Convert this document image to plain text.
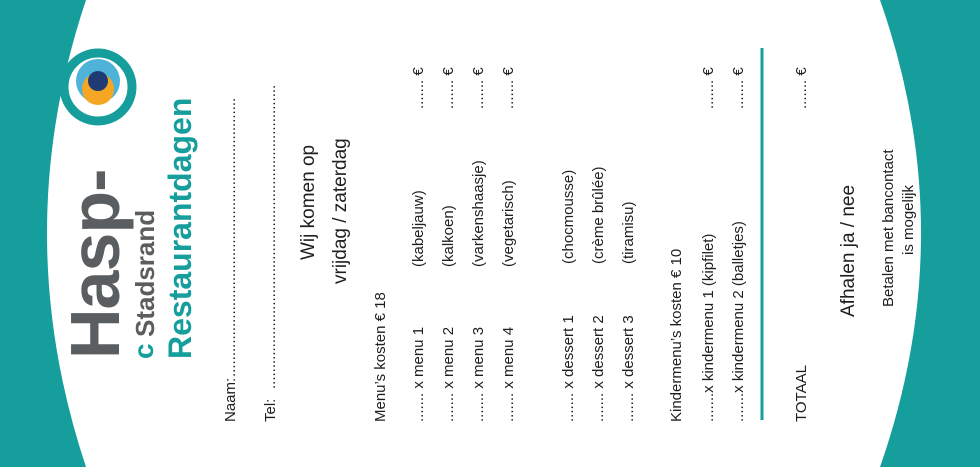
Hasp-
Stadsrand
c Restaurantdagen
Naam:
...................................................................
Tel:
......................................................................... Wij komen op vrijdag / zaterdag
Menu’s kosten € 18 ....... x menu 1
(kabeljauw)
....... €
....... x menu 2
(kalkoen)
....... €
....... x menu 3
(varkenshaasje)
....... €
....... x menu 4
(vegetarisch)
....... €
....... x dessert 1
(chocmousse)
....... x dessert 2
(crème brûlée)
....... x dessert 3
(tiramisu)
Kindermenu’s kosten € 10 .......x kindermenu 1 (kipfilet)
....... €
.......x kindermenu 2 (balletjes)
....... €
TOTAAL
....... €
Afhalen ja / nee Betalen met bancontact is mogelijk
